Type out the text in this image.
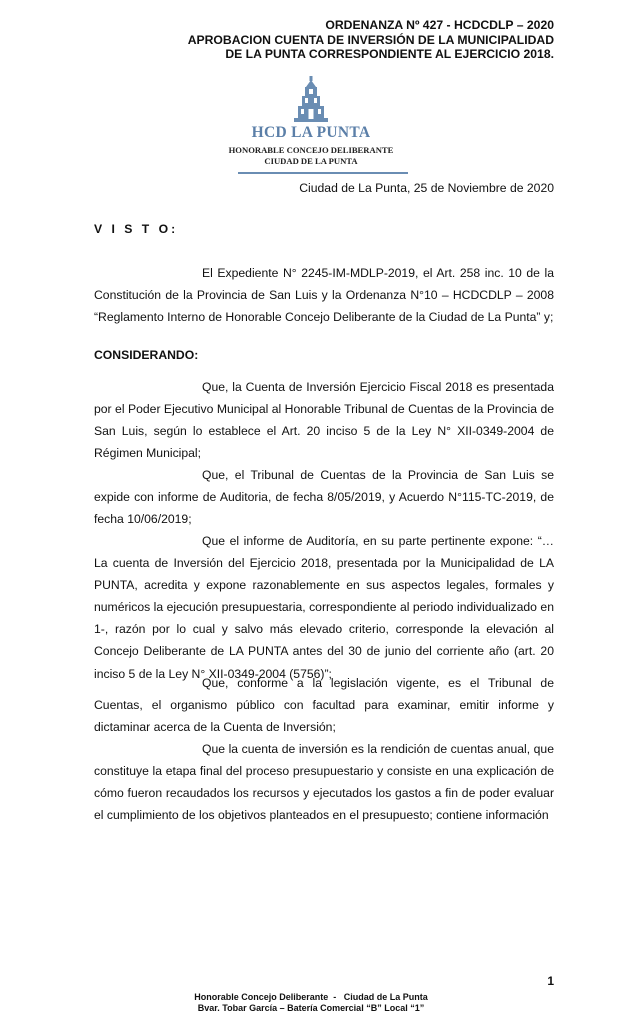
ORDENANZA Nº 427 - HCDCDLP – 2020
APROBACION CUENTA DE INVERSIÓN DE LA MUNICIPALIDAD
DE LA PUNTA CORRESPONDIENTE AL EJERCICIO 2018.
HCD LA PUNTA
HONORABLE CONCEJO DELIBERANTE
CIUDAD DE LA PUNTA
Ciudad de La Punta, 25 de Noviembre de 2020
V I S T O:

El Expediente N° 2245-IM-MDLP-2019, el Art. 258 inc. 10 de la Constitución de la Provincia de San Luis y la Ordenanza N°10 – HCDCDLP – 2008 “Reglamento Interno de Honorable Concejo Deliberante de la Ciudad de La Punta” y;

CONSIDERANDO:

Que, la Cuenta de Inversión Ejercicio Fiscal 2018 es presentada por el Poder Ejecutivo Municipal al Honorable Tribunal de Cuentas de la Provincia de San Luis, según lo establece el Art. 20 inciso 5 de la Ley N° XII-0349-2004 de Régimen Municipal;

Que, el Tribunal de Cuentas de la Provincia de San Luis se expide con informe de Auditoria, de fecha 8/05/2019, y Acuerdo N°115-TC-2019, de fecha 10/06/2019;

Que el informe de Auditoría, en su parte pertinente expone: “…La cuenta de Inversión del Ejercicio 2018, presentada por la Municipalidad de LA PUNTA, acredita y expone razonablemente en sus aspectos legales, formales y numéricos la ejecución presupuestaria, correspondiente al periodo individualizado en 1-, razón por lo cual y salvo más elevado criterio, corresponde la elevación al Concejo Deliberante de LA PUNTA antes del 30 de junio del corriente año (art. 20 inciso 5 de la Ley N° XII-0349-2004 (5756)”;

Que, conforme a la legislación vigente, es el Tribunal de Cuentas, el organismo público con facultad para examinar, emitir informe y dictaminar acerca de la Cuenta de Inversión;

Que la cuenta de inversión es la rendición de cuentas anual, que constituye la etapa final del proceso presupuestario y consiste en una explicación de cómo fueron recaudados los recursos y ejecutados los gastos a fin de poder evaluar el cumplimiento de los objetivos planteados en el presupuesto; contiene información

1
Honorable Concejo Deliberante  -   Ciudad de La Punta
Bvar. Tobar García – Batería Comercial “B” Local “1”
